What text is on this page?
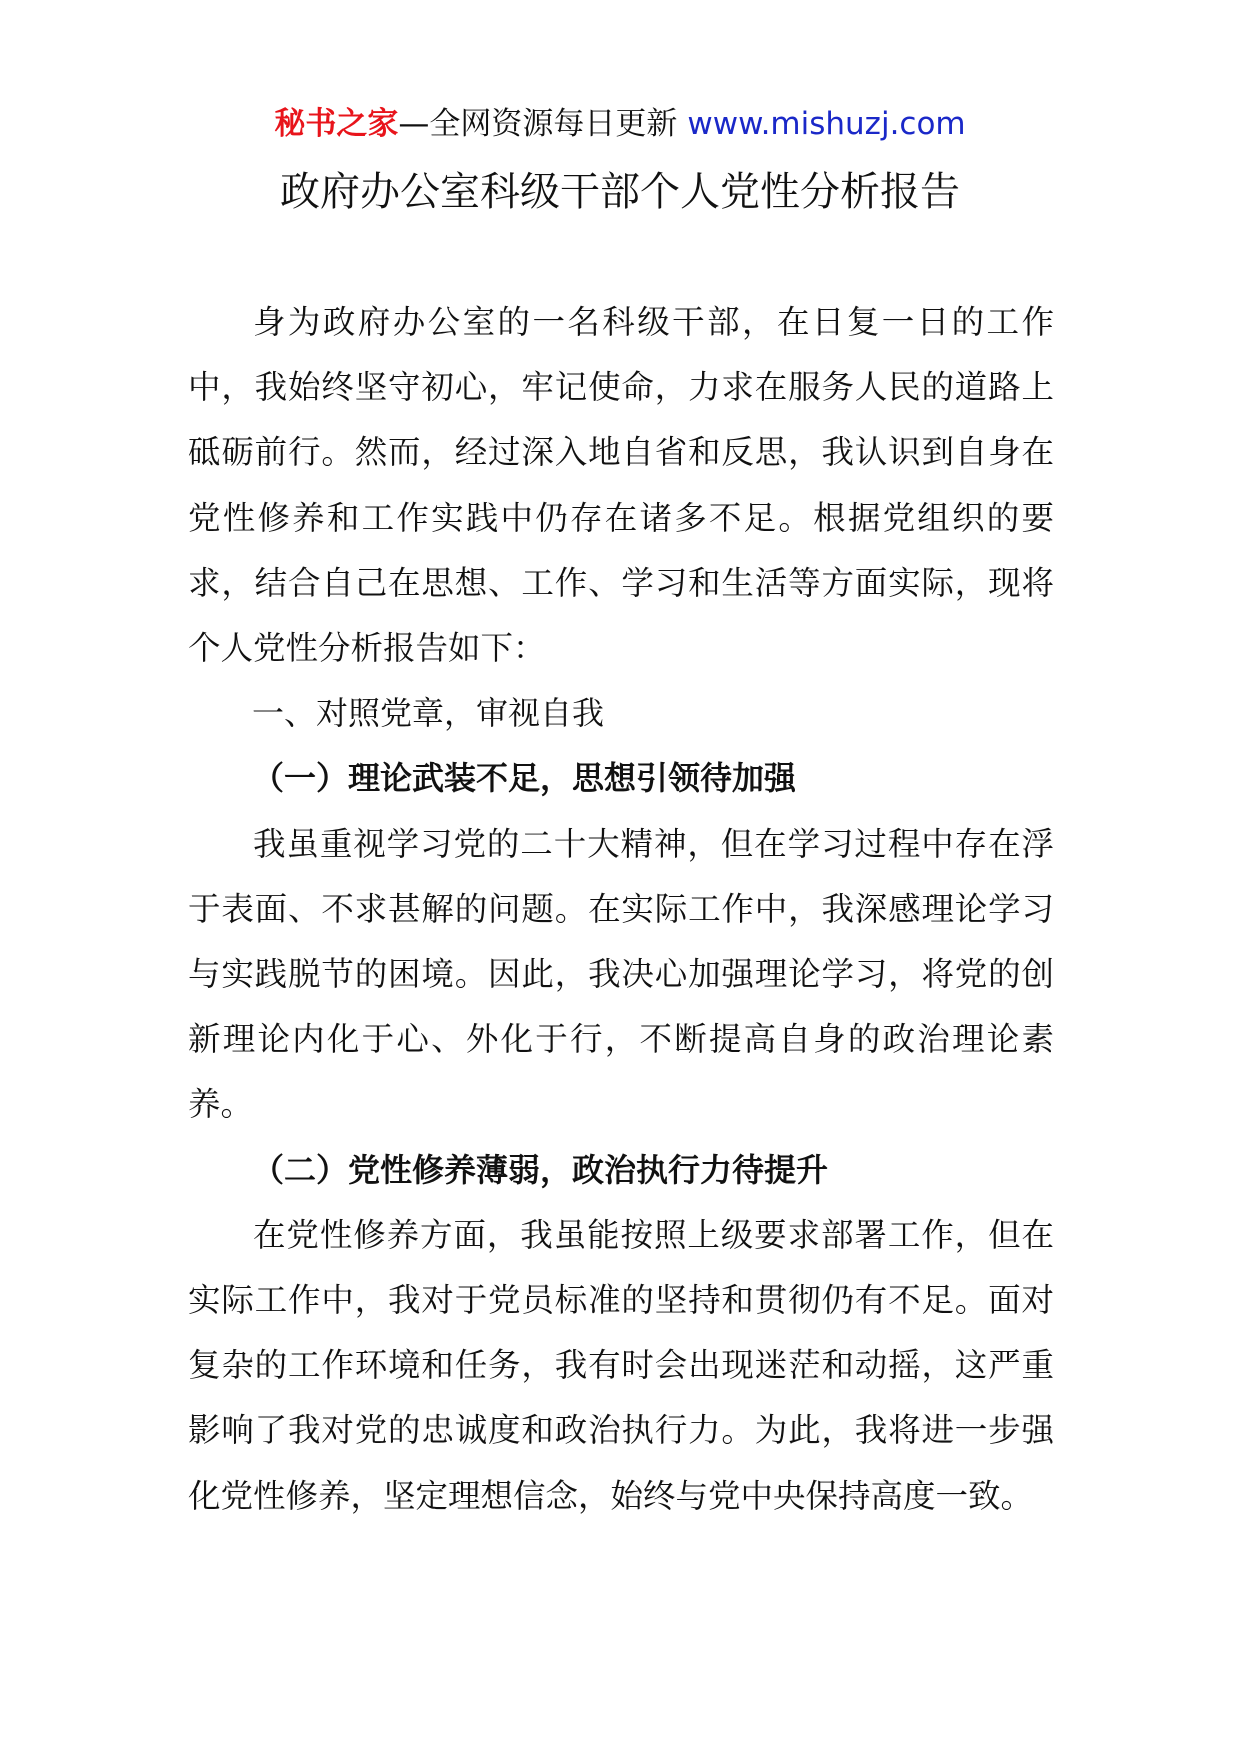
秘书之家—全网资源每日更新 www.mishuzj.com
政府办公室科级干部个人党性分析报告

身为政府办公室的一名科级干部，在日复一日的工作中，我始终坚守初心，牢记使命，力求在服务人民的道路上砥砺前行。然而，经过深入地自省和反思，我认识到自身在党性修养和工作实践中仍存在诸多不足。根据党组织的要求，结合自己在思想、工作、学习和生活等方面实际，现将个人党性分析报告如下：

一、对照党章，审视自我

（一）理论武装不足，思想引领待加强

我虽重视学习党的二十大精神，但在学习过程中存在浮于表面、不求甚解的问题。在实际工作中，我深感理论学习与实践脱节的困境。因此，我决心加强理论学习，将党的创新理论内化于心、外化于行，不断提高自身的政治理论素养。

（二）党性修养薄弱，政治执行力待提升

在党性修养方面，我虽能按照上级要求部署工作，但在实际工作中，我对于党员标准的坚持和贯彻仍有不足。面对复杂的工作环境和任务，我有时会出现迷茫和动摇，这严重影响了我对党的忠诚度和政治执行力。为此，我将进一步强化党性修养，坚定理想信念，始终与党中央保持高度一致。
